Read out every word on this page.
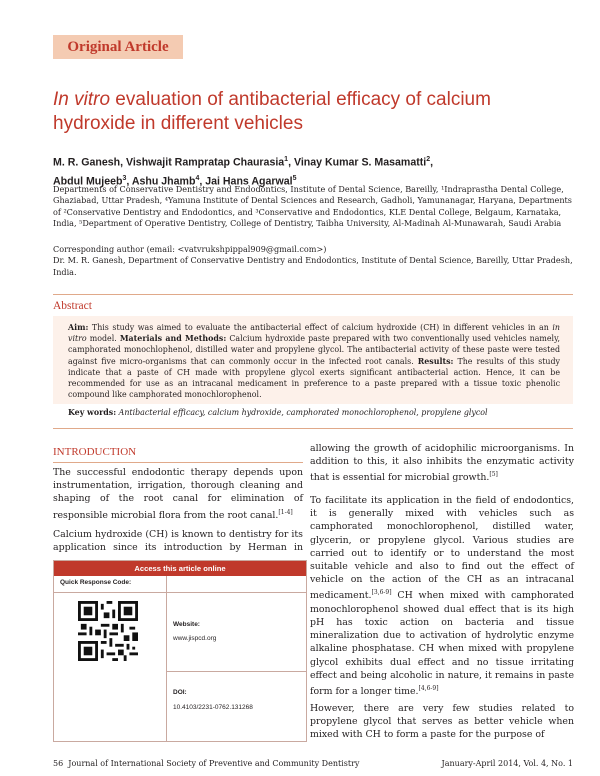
Original Article
In vitro evaluation of antibacterial efficacy of calcium hydroxide in different vehicles
M. R. Ganesh, Vishwajit Rampratap Chaurasia$^1$, Vinay Kumar S. Masamatti$^2$,
Abdul Mujeeb$^3$, Ashu Jhamb$^4$, Jai Hans Agarwal$^5$
Departments of Conservative Dentistry and Endodontics, Institute of Dental Science, Bareilly, ¹Indraprastha Dental College, Ghaziabad, Uttar Pradesh, ⁴Yamuna Institute of Dental Sciences and Research, Gadholi, Yamunanagar, Haryana, Departments of ²Conservative Dentistry and Endodontics, and ³Conservative and Endodontics, KLE Dental College, Belgaum, Karnataka, India, ⁵Department of Operative Dentistry, College of Dentistry, Taibha University, Al-Madinah Al-Munawarah, Saudi Arabia
Corresponding author (email: <vatvrukshpippal909@gmail.com>)
Dr. M. R. Ganesh, Department of Conservative Dentistry and Endodontics, Institute of Dental Science, Bareilly, Uttar Pradesh, India.
Abstract
Aim: This study was aimed to evaluate the antibacterial effect of calcium hydroxide (CH) in different vehicles in an in vitro model. Materials and Methods: Calcium hydroxide paste prepared with two conventionally used vehicles namely, camphorated monochlophenol, distilled water and propylene glycol. The antibacterial activity of these paste were tested against five micro-organisms that can commonly occur in the infected root canals. Results: The results of this study indicate that a paste of CH made with propylene glycol exerts significant antibacterial action. Hence, it can be recommended for use as an intracanal medicament in preference to a paste prepared with a tissue toxic phenolic compound like camphorated monochlorophenol.
Key words: Antibacterial efficacy, calcium hydroxide, camphorated monochlorophenol, propylene glycol
INTRODUCTION
The successful endodontic therapy depends upon instrumentation, irrigation, thorough cleaning and shaping of the root canal for elimination of responsible microbial flora from the root canal.[1-4]
Calcium hydroxide (CH) is known to dentistry for its application since its introduction by Herman in
allowing the growth of acidophilic microorganisms. In addition to this, it also inhibits the enzymatic activity that is essential for microbial growth.[5]
To facilitate its application in the field of endodontics, it is generally mixed with vehicles such as camphorated monochlorophenol, distilled water, glycerin, or propylene glycol. Various studies are carried out to identify or to understand the most suitable vehicle and also to find out the effect of vehicle on the action of the CH as an intracanal medicament.[3,6-9] CH when mixed with camphorated monochlorophenol showed dual effect that is its high pH has toxic action on bacteria and tissue mineralization due to activation of hydrolytic enzyme alkaline phosphatase. CH when mixed with propylene glycol exhibits dual effect and no tissue irritating effect and being alcoholic in nature, it remains in paste form for a longer time.[4,6-9]
However, there are very few studies related to propylene glycol that serves as better vehicle when mixed with CH to form a paste for the purpose of
Access this article online
Quick Response Code:
Website:
www.jispcd.org
DOI:
10.4103/2231-0762.131268
56 Journal of International Society of Preventive and Community Dentistry	January-April 2014, Vol. 4, No. 1
